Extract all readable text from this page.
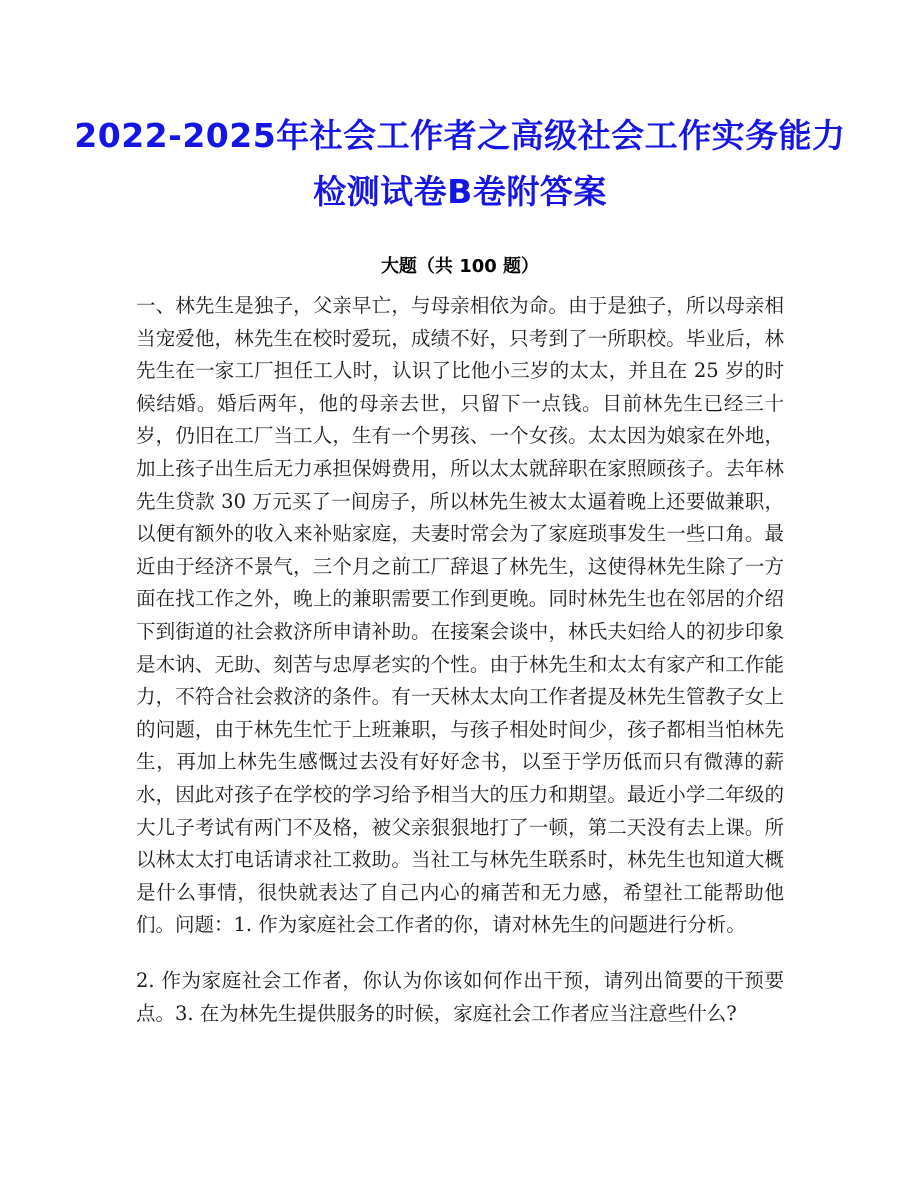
2022-2025年社会工作者之高级社会工作实务能力检测试卷B卷附答案
大题（共 100 题）
一、林先生是独子，父亲早亡，与母亲相依为命。由于是独子，所以母亲相当宠爱他，林先生在校时爱玩，成绩不好，只考到了一所职校。毕业后，林先生在一家工厂担任工人时，认识了比他小三岁的太太，并且在 25 岁的时候结婚。婚后两年，他的母亲去世，只留下一点钱。目前林先生已经三十岁，仍旧在工厂当工人，生有一个男孩、一个女孩。太太因为娘家在外地，加上孩子出生后无力承担保姆费用，所以太太就辞职在家照顾孩子。去年林先生贷款 30 万元买了一间房子，所以林先生被太太逼着晚上还要做兼职，以便有额外的收入来补贴家庭，夫妻时常会为了家庭琐事发生一些口角。最近由于经济不景气，三个月之前工厂辞退了林先生，这使得林先生除了一方面在找工作之外，晚上的兼职需要工作到更晚。同时林先生也在邻居的介绍下到街道的社会救济所申请补助。在接案会谈中，林氏夫妇给人的初步印象是木讷、无助、刻苦与忠厚老实的个性。由于林先生和太太有家产和工作能力，不符合社会救济的条件。有一天林太太向工作者提及林先生管教子女上的问题，由于林先生忙于上班兼职，与孩子相处时间少，孩子都相当怕林先生，再加上林先生感慨过去没有好好念书，以至于学历低而只有微薄的薪水，因此对孩子在学校的学习给予相当大的压力和期望。最近小学二年级的大儿子考试有两门不及格，被父亲狠狠地打了一顿，第二天没有去上课。所以林太太打电话请求社工救助。当社工与林先生联系时，林先生也知道大概是什么事情，很快就表达了自己内心的痛苦和无力感，希望社工能帮助他们。问题：1. 作为家庭社会工作者的你，请对林先生的问题进行分析。
2. 作为家庭社会工作者，你认为你该如何作出干预，请列出简要的干预要点。3. 在为林先生提供服务的时候，家庭社会工作者应当注意些什么?
